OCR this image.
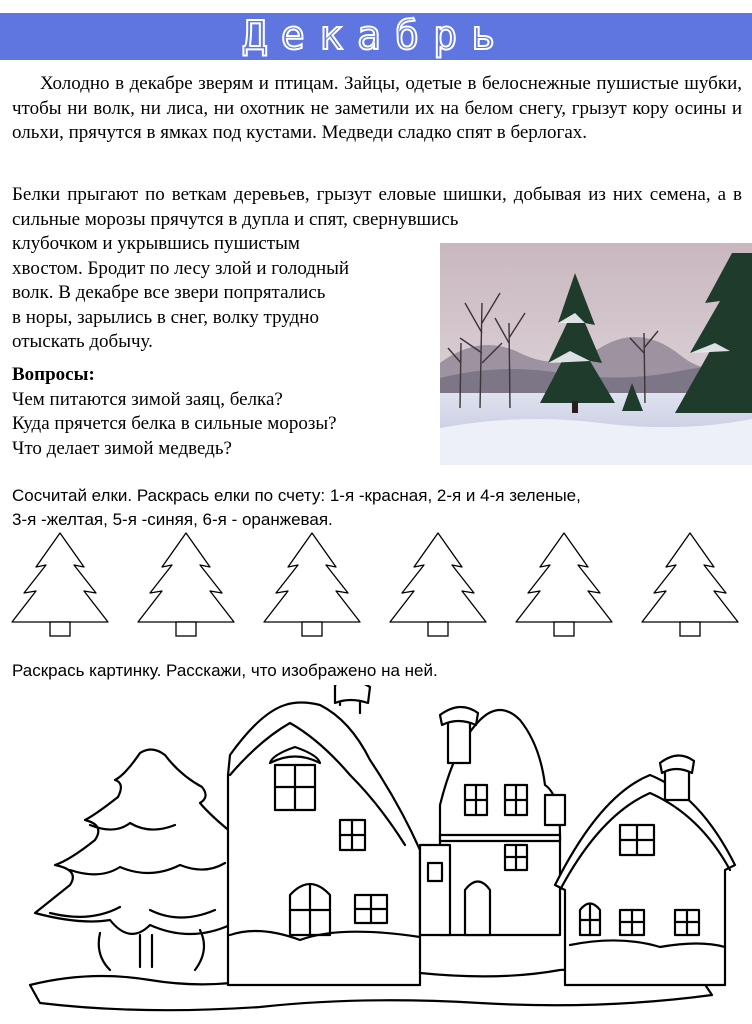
Декабрь
Холодно в декабре зверям и птицам. Зайцы, одетые в белоснежные пушистые шубки, чтобы ни волк, ни лиса, ни охотник не заметили их на белом снегу, грызут кору осины и ольхи, прячутся в ямках под кустами. Медведи сладко спят в берлогах.
Белки прыгают по веткам деревьев, грызут еловые шишки, добывая из них семена, а в сильные морозы прячутся в дупла и спят, свернувшись
клубочком и укрывшись пушистым
хвостом. Бродит по лесу злой и голодный
волк. В декабре все звери попрятались
в норы, зарылись в снег, волку трудно
отыскать добычу.
Вопросы:
Чем питаются зимой заяц, белка?
Куда прячется белка в сильные морозы?
Что делает зимой медведь?
Сосчитай елки. Раскрась елки по счету: 1-я -красная, 2-я и 4-я зеленые,
3-я -желтая, 5-я -синяя, 6-я - оранжевая.
Раскрась картинку. Расскажи, что изображено на ней.
